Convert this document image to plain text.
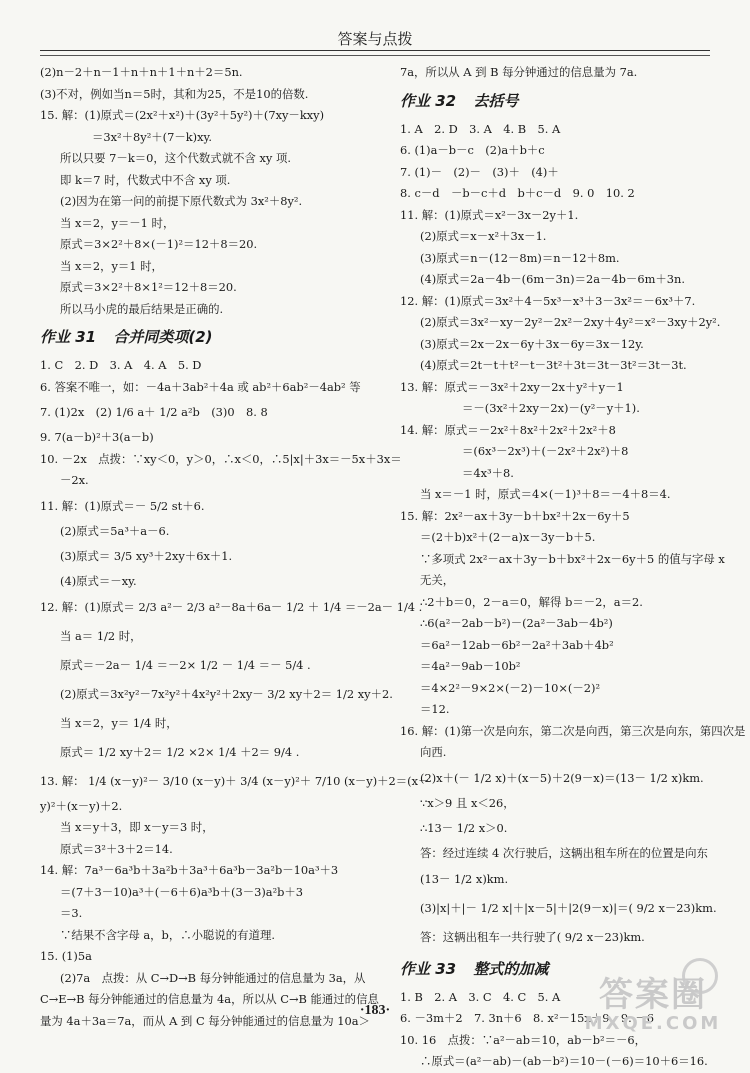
答案与点拨
(2)n－2＋n－1＋n＋n＋1＋n＋2＝5n.
(3)不对，例如当n＝5时，其和为25，不是10的倍数.
15. 解：(1)原式＝(2x²＋x²)＋(3y²＋5y²)＋(7xy－kxy)
＝3x²＋8y²＋(7－k)xy.
所以只要 7－k＝0，这个代数式就不含 xy 项.
即 k＝7 时，代数式中不含 xy 项.
(2)因为在第一问的前提下原代数式为 3x²＋8y².
当 x＝2，y＝－1 时，
原式＝3×2²＋8×(－1)²＝12＋8＝20.
当 x＝2，y＝1 时，
原式＝3×2²＋8×1²＝12＋8＝20.
所以马小虎的最后结果是正确的.
作业 31 合并同类项(2)
1. C　2. D　3. A　4. A　5. D
6. 答案不唯一，如：－4a＋3ab²＋4a 或 ab²＋6ab²－4ab² 等
7. (1)2x　(2) 1/6 a＋ 1/2 a²b　(3)0　8. 8
9. 7(a－b)²＋3(a－b)
10. －2x　点拨：∵xy＜0，y＞0，∴x＜0，∴5|x|＋3x＝－5x＋3x＝
－2x.
11. 解：(1)原式＝－ 5/2 st＋6.
(2)原式＝5a³＋a－6.
(3)原式＝ 3/5 xy³＋2xy＋6x＋1.
(4)原式＝－xy.
12. 解：(1)原式＝ 2/3 a²－ 2/3 a²－8a＋6a－ 1/2 ＋ 1/4 ＝－2a－ 1/4 .
当 a＝ 1/2 时，
原式＝－2a－ 1/4 ＝－2× 1/2 － 1/4 ＝－ 5/4 .
(2)原式＝3x²y²－7x²y²＋4x²y²＋2xy－ 3/2 xy＋2＝ 1/2 xy＋2.
当 x＝2，y＝ 1/4 时，
原式＝ 1/2 xy＋2＝ 1/2 ×2× 1/4 ＋2＝ 9/4 .
13. 解： 1/4 (x－y)²－ 3/10 (x－y)＋ 3/4 (x－y)²＋ 7/10 (x－y)＋2＝(x－
y)²＋(x－y)＋2.
当 x＝y＋3，即 x－y＝3 时，
原式＝3²＋3＋2＝14.
14. 解：7a³－6a³b＋3a²b＋3a³＋6a³b－3a²b－10a³＋3
＝(7＋3－10)a³＋(－6＋6)a³b＋(3－3)a²b＋3
＝3.
∵结果不含字母 a，b，∴小聪说的有道理.
15. (1)5a
(2)7a　点拨：从 C→D→B 每分钟能通过的信息量为 3a，从
C→E→B 每分钟能通过的信息量为 4a，所以从 C→B 能通过的信息
量为 4a＋3a＝7a，而从 A 到 C 每分钟能通过的信息量为 10a＞
7a，所以从 A 到 B 每分钟通过的信息量为 7a.
作业 32 去括号
1. A　2. D　3. A　4. B　5. A
6. (1)a－b－c　(2)a＋b＋c
7. (1)－　(2)－　(3)＋　(4)＋
8. c－d　－b－c＋d　b＋c－d　9. 0　10. 2
11. 解：(1)原式＝x²－3x－2y＋1.
(2)原式＝x－x²＋3x－1.
(3)原式＝n－(12－8m)＝n－12＋8m.
(4)原式＝2a－4b－(6m－3n)＝2a－4b－6m＋3n.
12. 解：(1)原式＝3x²＋4－5x³－x³＋3－3x²＝－6x³＋7.
(2)原式＝3x²－xy－2y²－2x²－2xy＋4y²＝x²－3xy＋2y².
(3)原式＝2x－2x－6y＋3x－6y＝3x－12y.
(4)原式＝2t－t＋t²－t－3t²＋3t＝3t－3t²＝3t－3t.
13. 解：原式＝－3x²＋2xy－2x＋y²＋y－1
＝－(3x²＋2xy－2x)－(y²－y＋1).
14. 解：原式＝－2x²＋8x²＋2x²＋2x²＋8
＝(6x³－2x³)＋(－2x²＋2x²)＋8
＝4x³＋8.
当 x＝－1 时，原式＝4×(－1)³＋8＝－4＋8＝4.
15. 解：2x²－ax＋3y－b＋bx²＋2x－6y＋5
＝(2＋b)x²＋(2－a)x－3y－b＋5.
∵多项式 2x²－ax＋3y－b＋bx²＋2x－6y＋5 的值与字母 x
无关，
∴2＋b＝0，2－a＝0，解得 b＝－2，a＝2.
∴6(a²－2ab－b²)－(2a²－3ab－4b²)
＝6a²－12ab－6b²－2a²＋3ab＋4b²
＝4a²－9ab－10b²
＝4×2²－9×2×(－2)－10×(－2)²
＝12.
16. 解：(1)第一次是向东，第二次是向西，第三次是向东，第四次是
向西.
(2)x＋(－ 1/2 x)＋(x－5)＋2(9－x)＝(13－ 1/2 x)km.
∵x＞9 且 x＜26，
∴13－ 1/2 x＞0.
答：经过连续 4 次行驶后，这辆出租车所在的位置是向东
(13－ 1/2 x)km.
(3)|x|＋|－ 1/2 x|＋|x－5|＋|2(9－x)|＝( 9/2 x－23)km.
答：这辆出租车一共行驶了( 9/2 x－23)km.
作业 33 整式的加减
1. B　2. A　3. C　4. C　5. A
6. －3m＋2　7. 3n＋6　8. x²－15x＋9　9. －6
10. 16　点拨：∵a²－ab＝10，ab－b²＝－6，
∴原式＝(a²－ab)－(ab－b²)＝10－(－6)＝10＋6＝16.
·183·	答案圈
MXQE.COM
